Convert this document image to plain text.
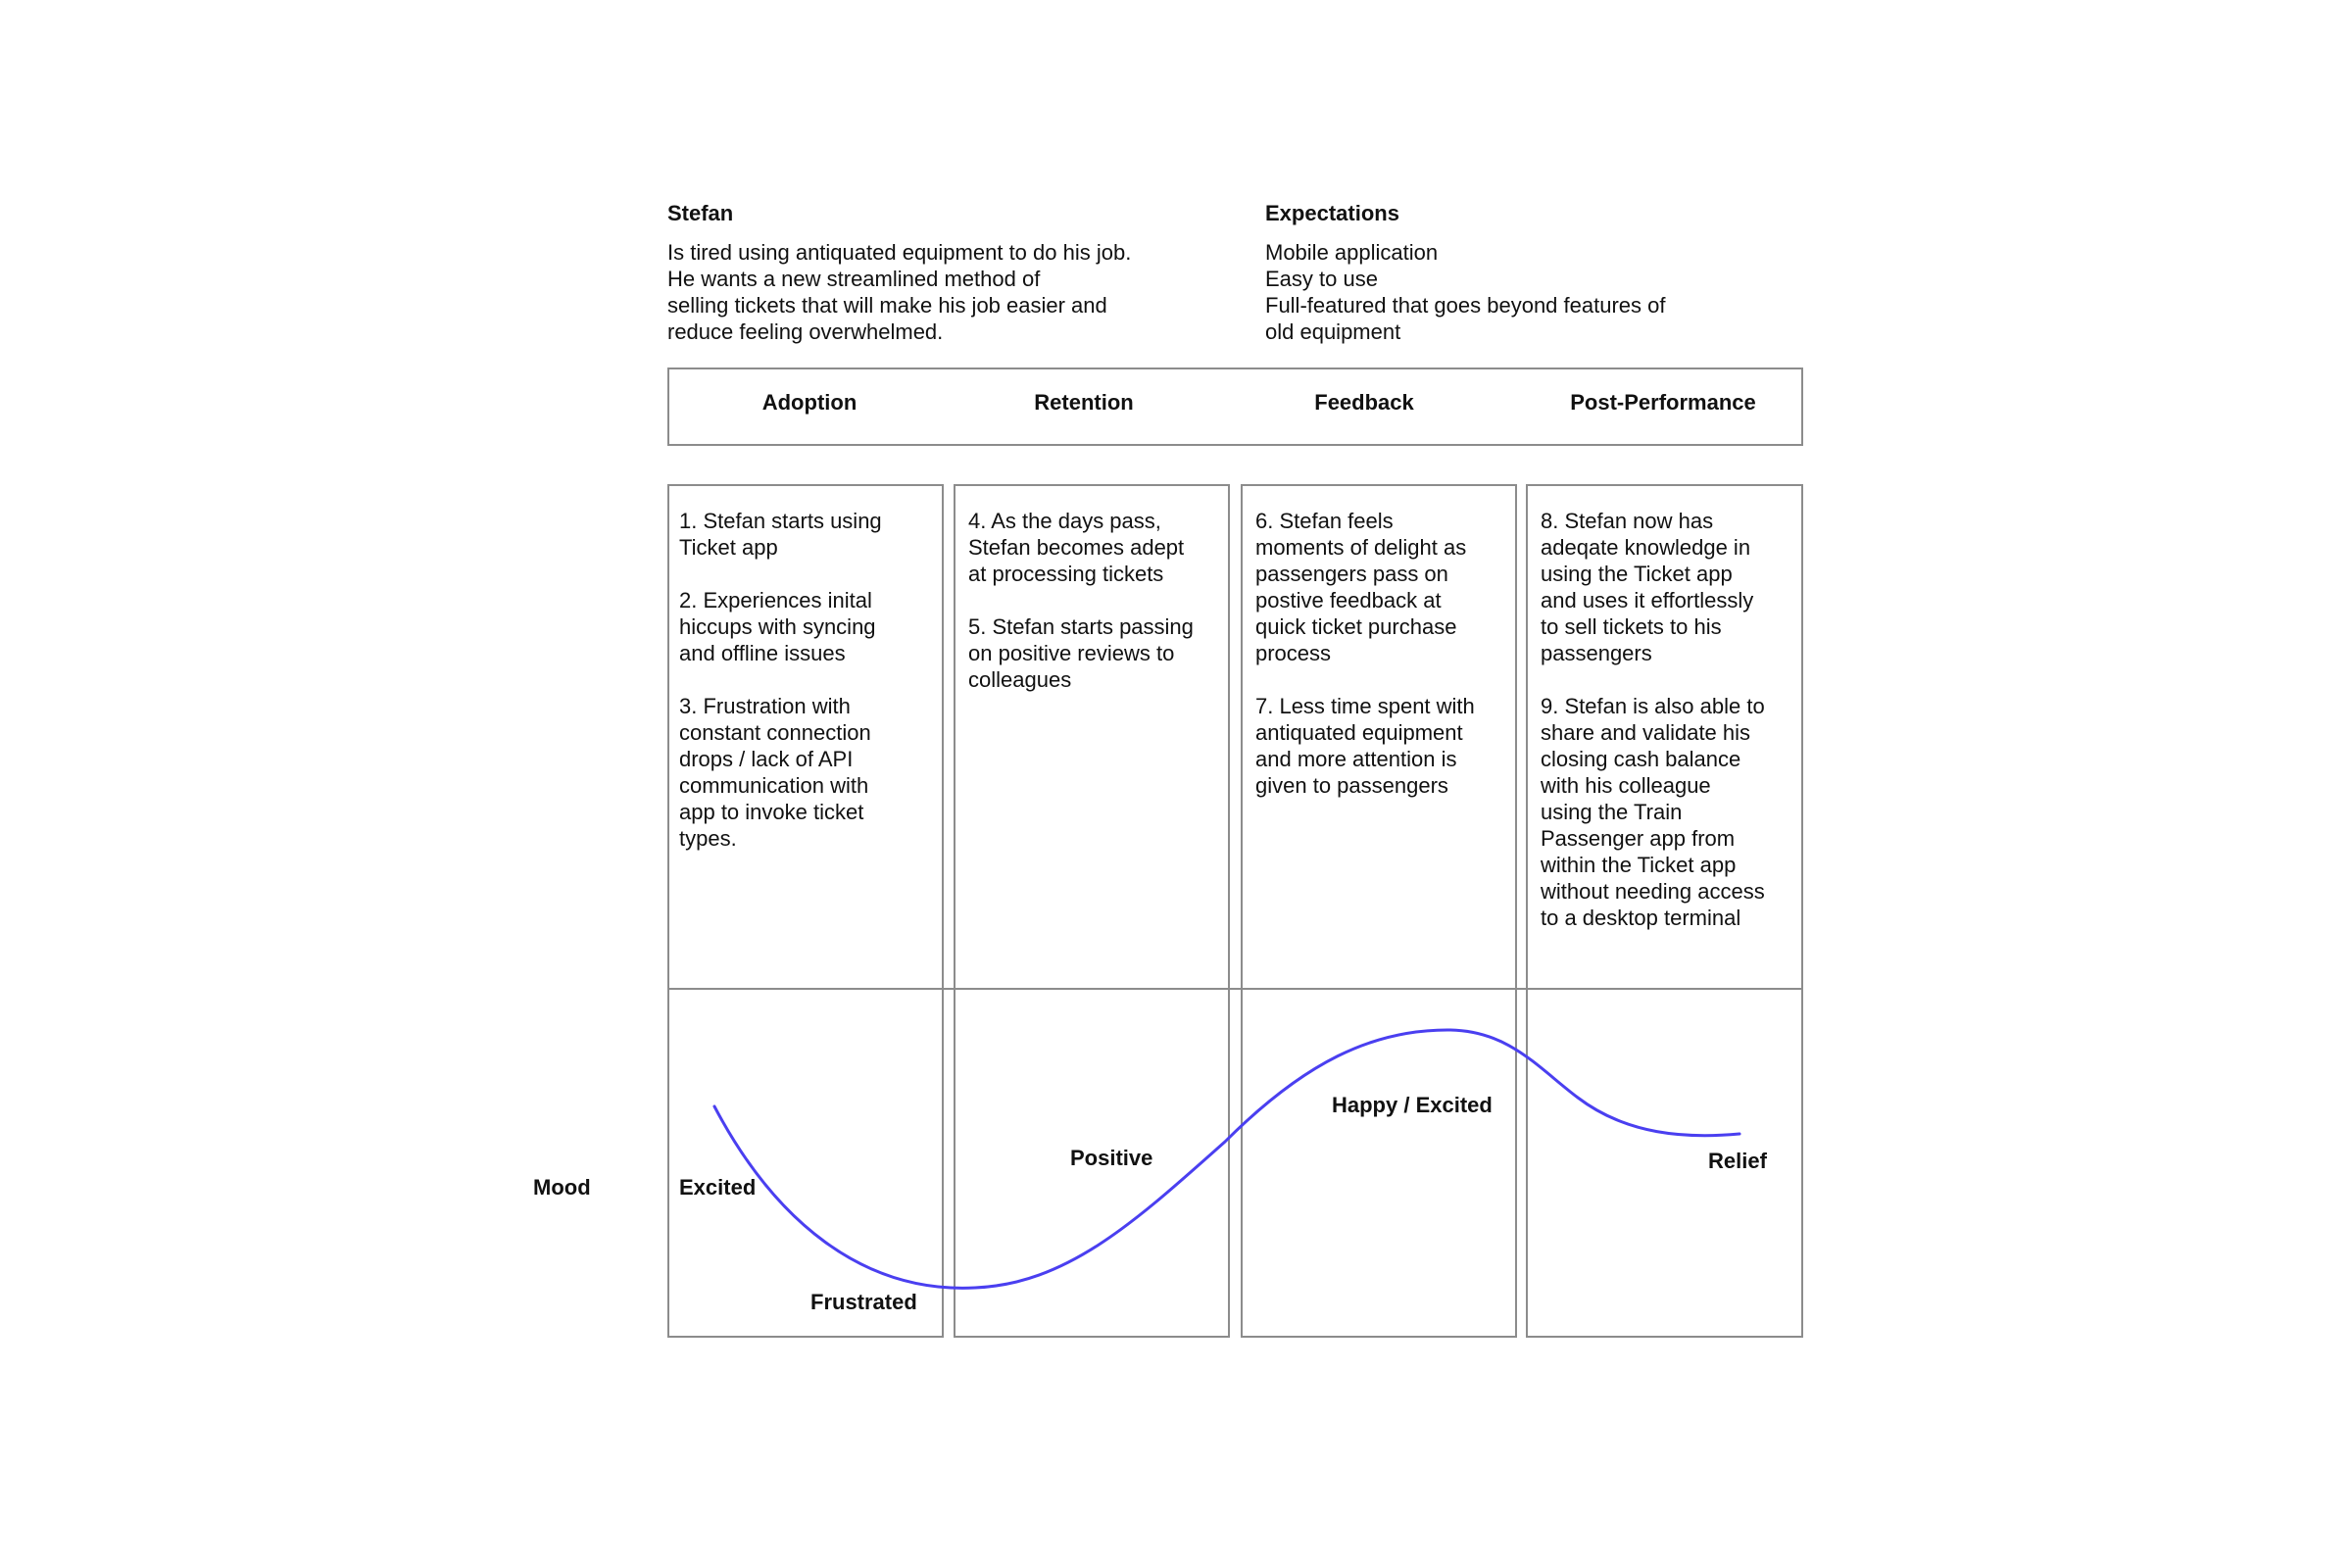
Stefan
Is tired using antiquated equipment to do his job.
He wants a new streamlined method of
selling tickets that will make his job easier and
reduce feeling overwhelmed.
Expectations
Mobile application
Easy to use
Full-featured that goes beyond features of
old equipment
Adoption	Retention	Feedback	Post-Performance
1. Stefan starts using
Ticket app
2. Experiences inital
hiccups with syncing
and offline issues
3. Frustration with
constant connection
drops / lack of API
communication with
app to invoke ticket
types.
4. As the days pass,
Stefan becomes adept
at processing tickets
5. Stefan starts passing
on positive reviews to
colleagues
6. Stefan feels
moments of delight as
passengers pass on
postive feedback at
quick ticket purchase
process
7. Less time spent with
antiquated equipment
and more attention is
given to passengers
8. Stefan now has
adeqate knowledge in
using the Ticket app
and uses it effortlessly
to sell tickets to his
passengers
9. Stefan is also able to
share and validate his
closing cash balance
with his colleague
using the Train
Passenger app from
within the Ticket app
without needing access
to a desktop terminal
Mood	Excited
Frustrated
Positive
Happy / Excited
Relief
